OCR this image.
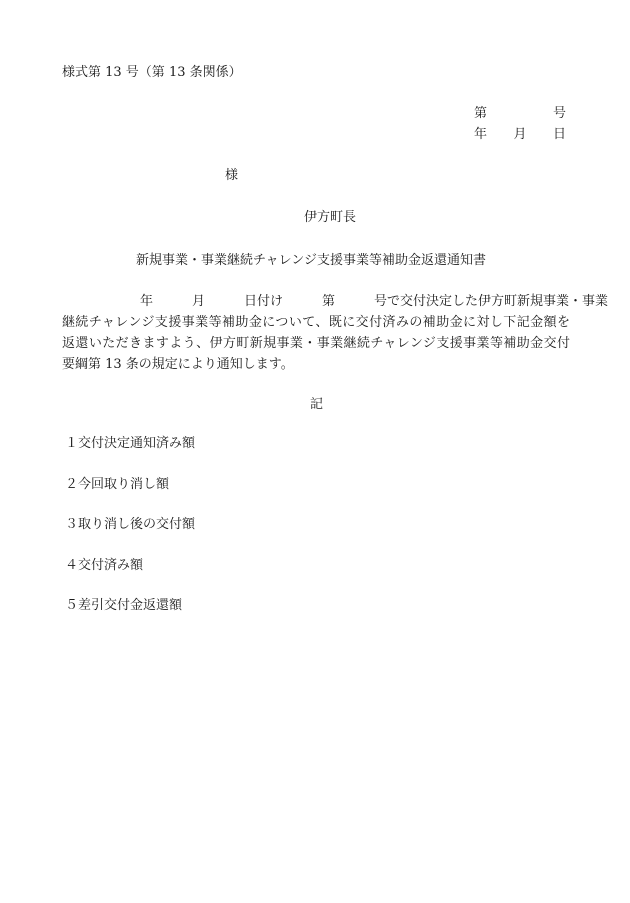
様式第 13 号（第 13 条関係）
第	号
年 月 日
様
伊方町長
新規事業・事業継続チャレンジ支援事業等補助金返還通知書
　　　　　　年　　　月　　　日付け　　　第　　　号で交付決定した伊方町新規事業・事業
継続チャレンジ支援事業等補助金について、既に交付済みの補助金に対し下記金額を
返還いただきますよう、伊方町新規事業・事業継続チャレンジ支援事業等補助金交付
要綱第 13 条の規定により通知します。
記
１交付決定通知済み額
２今回取り消し額
３取り消し後の交付額
４交付済み額
５差引交付金返還額
